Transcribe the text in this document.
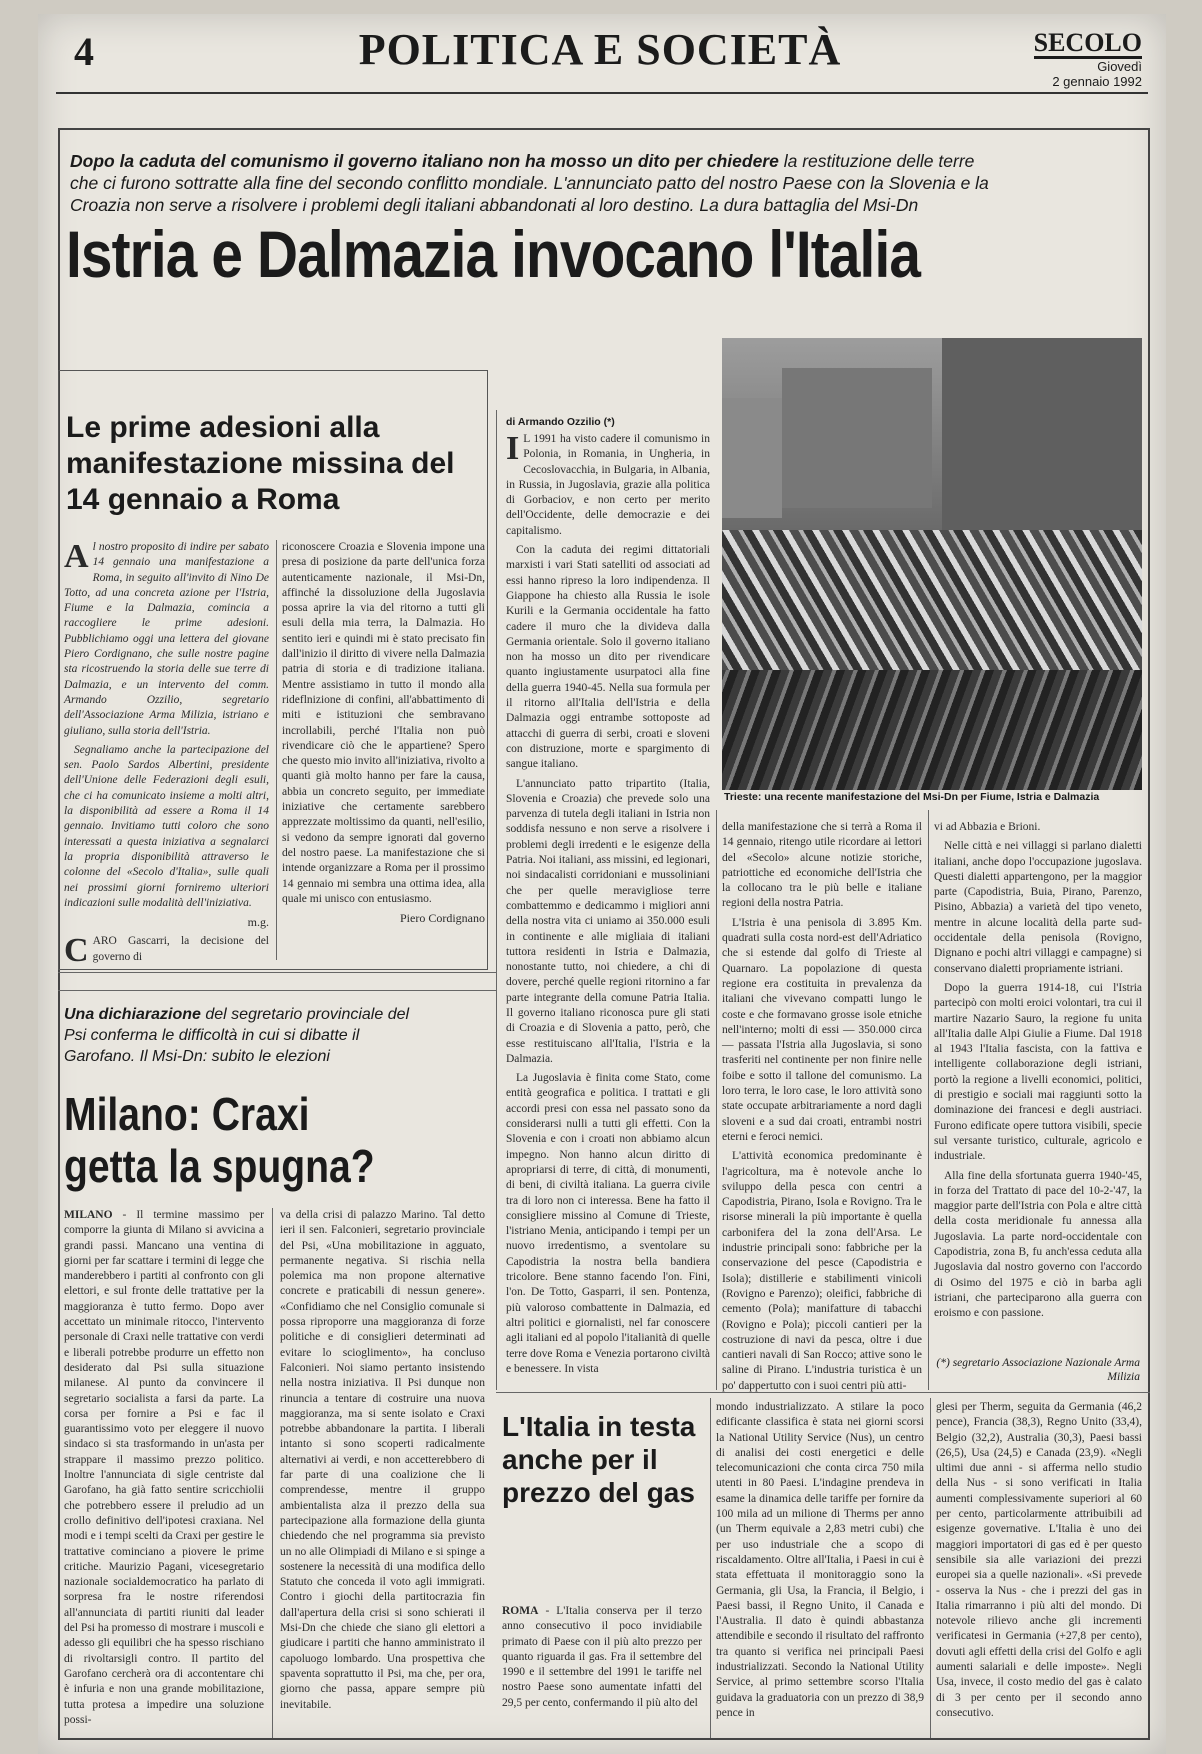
4	POLITICA E SOCIETÀ	SECOLO
Giovedì
2 gennaio 1992
Dopo la caduta del comunismo il governo italiano non ha mosso un dito per chiedere la restituzione delle terre che ci furono sottratte alla fine del secondo conflitto mondiale. L'annunciato patto del nostro Paese con la Slovenia e la Croazia non serve a risolvere i problemi degli italiani abbandonati al loro destino. La dura battaglia del Msi-Dn
Istria e Dalmazia invocano l'Italia
Le prime adesioni alla manifestazione missina del 14 gennaio a Roma

Al nostro proposito di indire per sabato 14 gennaio una manifestazione a Roma, in seguito all'invito di Nino De Totto, ad una concreta azione per l'Istria, Fiume e la Dalmazia, comincia a raccogliere le prime adesioni. Pubblichiamo oggi una lettera del giovane Piero Cordignano, che sulle nostre pagine sta ricostruendo la storia delle sue terre di Dalmazia, e un intervento del comm. Armando Ozzilio, segretario dell'Associazione Arma Milizia, istriano e giuliano, sulla storia dell'Istria.

Segnaliamo anche la partecipazione del sen. Paolo Sardos Albertini, presidente dell'Unione delle Federazioni degli esuli, che ci ha comunicato insieme a molti altri, la disponibilità ad essere a Roma il 14 gennaio. Invitiamo tutti coloro che sono interessati a questa iniziativa a segnalarci la propria disponibilità attraverso le colonne del «Secolo d'Italia», sulle quali nei prossimi giorni forniremo ulteriori indicazioni sulle modalità dell'iniziativa.

m.g.

CARO Gascarri, la decisione del governo di

riconoscere Croazia e Slovenia impone una presa di posizione da parte dell'unica forza autenticamente nazionale, il Msi-Dn, affinché la dissoluzione della Jugoslavia possa aprire la via del ritorno a tutti gli esuli della mia terra, la Dalmazia. Ho sentito ieri e quindi mi è stato precisato fin dall'inizio il diritto di vivere nella Dalmazia patria di storia e di tradizione italiana. Mentre assistiamo in tutto il mondo alla rideflnizione di confini, all'abbattimento di miti e istituzioni che sembravano incrollabili, perché l'Italia non può rivendicare ciò che le appartiene? Spero che questo mio invito all'iniziativa, rivolto a quanti già molto hanno per fare la causa, abbia un concreto seguito, per immediate iniziative che certamente sarebbero apprezzate moltissimo da quanti, nell'esilio, si vedono da sempre ignorati dal governo del nostro paese. La manifestazione che si intende organizzare a Roma per il prossimo 14 gennaio mi sembra una ottima idea, alla quale mi unisco con entusiasmo.

Piero Cordignano

di Armando Ozzilio (*)

I L 1991 ha visto cadere il comunismo in Polonia, in Romania, in Ungheria, in Cecoslovacchia, in Bulgaria, in Albania, in Russia, in Jugoslavia, grazie alla politica di Gorbaciov, e non certo per merito dell'Occidente, delle democrazie e dei capitalismo.

Con la caduta dei regimi dittatoriali marxisti i vari Stati satelliti od associati ad essi hanno ripreso la loro indipendenza. Il Giappone ha chiesto alla Russia le isole Kurili e la Germania occidentale ha fatto cadere il muro che la divideva dalla Germania orientale. Solo il governo italiano non ha mosso un dito per rivendicare quanto ingiustamente usurpatoci alla fine della guerra 1940-45. Nella sua formula per il ritorno all'Italia dell'Istria e della Dalmazia oggi entrambe sottoposte ad attacchi di guerra di serbi, croati e sloveni con distruzione, morte e spargimento di sangue italiano.

L'annunciato patto tripartito (Italia, Slovenia e Croazia) che prevede solo una parvenza di tutela degli italiani in Istria non soddisfa nessuno e non serve a risolvere i problemi degli irredenti e le esigenze della Patria. Noi italiani, ass missini, ed legionari, noi sindacalisti corridoniani e mussoliniani che per quelle meravigliose terre combattemmo e dedicammo i migliori anni della nostra vita ci uniamo ai 350.000 esuli in continente e alle migliaia di italiani tuttora residenti in Istria e Dalmazia, nonostante tutto, noi chiedere, a chi di dovere, perché quelle regioni ritornino a far parte integrante della comune Patria Italia. Il governo italiano riconosca pure gli stati di Croazia e di Slovenia a patto, però, che esse restituiscano all'Italia, l'Istria e la Dalmazia.

La Jugoslavia è finita come Stato, come entità geografica e politica. I trattati e gli accordi presi con essa nel passato sono da considerarsi nulli a tutti gli effetti. Con la Slovenia e con i croati non abbiamo alcun impegno. Non hanno alcun diritto di apropriarsi di terre, di città, di monumenti, di beni, di civiltà italiana. La guerra civile tra di loro non ci interessa. Bene ha fatto il consigliere missino al Comune di Trieste, l'istriano Menia, anticipando i tempi per un nuovo irredentismo, a sventolare su Capodistria la nostra bella bandiera tricolore. Bene stanno facendo l'on. Fini, l'on. De Totto, Gasparri, il sen. Pontenza, più valoroso combattente in Dalmazia, ed altri politici e giornalisti, nel far conoscere agli italiani ed al popolo l'italianità di quelle terre dove Roma e Venezia portarono civiltà e benessere. In vista

della manifestazione che si terrà a Roma il 14 gennaio, ritengo utile ricordare ai lettori del «Secolo» alcune notizie storiche, patriottiche ed economiche dell'Istria che la collocano tra le più belle e italiane regioni della nostra Patria.

L'Istria è una penisola di 3.895 Km. quadrati sulla costa nord-est dell'Adriatico che si estende dal golfo di Trieste al Quarnaro. La popolazione di questa regione era costituita in prevalenza da italiani che vivevano compatti lungo le coste e che formavano grosse isole etniche nell'interno; molti di essi — 350.000 circa — passata l'Istria alla Jugoslavia, si sono trasferiti nel continente per non finire nelle foibe e sotto il tallone del comunismo. La loro terra, le loro case, le loro attività sono state occupate arbitrariamente a nord dagli sloveni e a sud dai croati, entrambi nostri eterni e feroci nemici.

L'attività economica predominante è l'agricoltura, ma è notevole anche lo sviluppo della pesca con centri a Capodistria, Pirano, Isola e Rovigno. Tra le risorse minerali la più importante è quella carbonifera del la zona dell'Arsa. Le industrie principali sono: fabbriche per la conservazione del pesce (Capodistria e Isola); distillerie e stabilimenti vinicoli (Rovigno e Parenzo); oleifici, fabbriche di cemento (Pola); manifatture di tabacchi (Rovigno e Pola); piccoli cantieri per la costruzione di navi da pesca, oltre i due cantieri navali di San Rocco; attive sono le saline di Pirano. L'industria turistica è un po' dappertutto con i suoi centri più atti-

vi ad Abbazia e Brioni.

Nelle città e nei villaggi si parlano dialetti italiani, anche dopo l'occupazione jugoslava. Questi dialetti appartengono, per la maggior parte (Capodistria, Buia, Pirano, Parenzo, Pisino, Abbazia) a varietà del tipo veneto, mentre in alcune località della parte sud-occidentale della penisola (Rovigno, Dignano e pochi altri villaggi e campagne) si conservano dialetti propriamente istriani.

Dopo la guerra 1914-18, cui l'Istria partecipò con molti eroici volontari, tra cui il martire Nazario Sauro, la regione fu unita all'Italia dalle Alpi Giulie a Fiume. Dal 1918 al 1943 l'Italia fascista, con la fattiva e intelligente collaborazione degli istriani, portò la regione a livelli economici, politici, di prestigio e sociali mai raggiunti sotto la dominazione dei francesi e degli austriaci. Furono edificate opere tuttora visibili, specie sul versante turistico, culturale, agricolo e industriale.

Alla fine della sfortunata guerra 1940-'45, in forza del Trattato di pace del 10-2-'47, la maggior parte dell'Istria con Pola e altre città della costa meridionale fu annessa alla Jugoslavia. La parte nord-occidentale con Capodistria, zona B, fu anch'essa ceduta alla Jugoslavia dal nostro governo con l'accordo di Osimo del 1975 e ciò in barba agli istriani, che parteciparono alla guerra con eroismo e con passione.

(*) segretario Associazione Nazionale Arma Milizia
Trieste: una recente manifestazione del Msi-Dn per Fiume, Istria e Dalmazia
Una dichiarazione del segretario provinciale del Psi conferma le difficoltà in cui si dibatte il Garofano. Il Msi-Dn: subito le elezioni
Milano: Craxi getta la spugna?

MILANO - Il termine massimo per comporre la giunta di Milano si avvicina a grandi passi. Mancano una ventina di giorni per far scattare i termini di legge che manderebbero i partiti al confronto con gli elettori, e sul fronte delle trattative per la maggioranza è tutto fermo. Dopo aver accettato un minimale ritocco, l'intervento personale di Craxi nelle trattative con verdi e liberali potrebbe produrre un effetto non desiderato dal Psi sulla situazione milanese. Al punto da convincere il segretario socialista a farsi da parte. La corsa per fornire a Psi e fac il guarantissimo voto per eleggere il nuovo sindaco si sta trasformando in un'asta per strappare il massimo prezzo politico. Inoltre l'annunciata di sigle centriste dal Garofano, ha già fatto sentire scricchiolii che potrebbero essere il preludio ad un crollo definitivo dell'ipotesi craxiana. Nel modi e i tempi scelti da Craxi per gestire le trattative cominciano a piovere le prime critiche. Maurizio Pagani, vicesegretario nazionale socialdemocratico ha parlato di sorpresa fra le nostre riferendosi all'annunciata di partiti riuniti dal leader del Psi ha promesso di mostrare i muscoli e adesso gli equilibri che ha spesso rischiano di rivoltarsigli contro. Il partito del Garofano cercherà ora di accontentare chi è infuria e non una grande mobilitazione, tutta protesa a impedire una soluzione possi-

va della crisi di palazzo Marino. Tal detto ieri il sen. Falconieri, segretario provinciale del Psi, «Una mobilitazione in agguato, permanente negativa. Si rischia nella polemica ma non propone alternative concrete e praticabili di nessun genere». «Confidiamo che nel Consiglio comunale si possa riproporre una maggioranza di forze politiche e di consiglieri determinati ad evitare lo scioglimento», ha concluso Falconieri. Noi siamo pertanto insistendo nella nostra iniziativa. Il Psi dunque non rinuncia a tentare di costruire una nuova maggioranza, ma si sente isolato e Craxi potrebbe abbandonare la partita. I liberali intanto si sono scoperti radicalmente alternativi ai verdi, e non accetterebbero di far parte di una coalizione che li comprendesse, mentre il gruppo ambientalista alza il prezzo della sua partecipazione alla formazione della giunta chiedendo che nel programma sia previsto un no alle Olimpiadi di Milano e si spinge a sostenere la necessità di una modifica dello Statuto che conceda il voto agli immigrati. Contro i giochi della partitocrazia fin dall'apertura della crisi si sono schierati il Msi-Dn che chiede che siano gli elettori a giudicare i partiti che hanno amministrato il capoluogo lombardo. Una prospettiva che spaventa soprattutto il Psi, ma che, per ora, giorno che passa, appare sempre più inevitabile.

L'Italia in testa anche per il prezzo del gas

ROMA - L'Italia conserva per il terzo anno consecutivo il poco invidiabile primato di Paese con il più alto prezzo per quanto riguarda il gas. Fra il settembre del 1990 e il settembre del 1991 le tariffe nel nostro Paese sono aumentate infatti del 29,5 per cento, confermando il più alto del

mondo industrializzato. A stilare la poco edificante classifica è stata nei giorni scorsi la National Utility Service (Nus), un centro di analisi dei costi energetici e delle telecomunicazioni che conta circa 750 mila utenti in 80 Paesi. L'indagine prendeva in esame la dinamica delle tariffe per fornire da 100 mila ad un milione di Therms per anno (un Therm equivale a 2,83 metri cubi) che per uso industriale che a scopo di riscaldamento. Oltre all'Italia, i Paesi in cui è stata effettuata il monitoraggio sono la Germania, gli Usa, la Francia, il Belgio, i Paesi bassi, il Regno Unito, il Canada e l'Australia. Il dato è quindi abbastanza attendibile e secondo il risultato del raffronto tra quanto si verifica nei principali Paesi industrializzati. Secondo la National Utility Service, al primo settembre scorso l'Italia guidava la graduatoria con un prezzo di 38,9 pence in

glesi per Therm, seguita da Germania (46,2 pence), Francia (38,3), Regno Unito (33,4), Belgio (32,2), Australia (30,3), Paesi bassi (26,5), Usa (24,5) e Canada (23,9). «Negli ultimi due anni - si afferma nello studio della Nus - si sono verificati in Italia aumenti complessivamente superiori al 60 per cento, particolarmente attribuibili ad esigenze governative. L'Italia è uno dei maggiori importatori di gas ed è per questo sensibile sia alle variazioni dei prezzi europei sia a quelle nazionali». «Si prevede - osserva la Nus - che i prezzi del gas in Italia rimarranno i più alti del mondo. Di notevole rilievo anche gli incrementi verificatesi in Germania (+27,8 per cento), dovuti agli effetti della crisi del Golfo e agli aumenti salariali e delle imposte». Negli Usa, invece, il costo medio del gas è calato di 3 per cento per il secondo anno consecutivo.
